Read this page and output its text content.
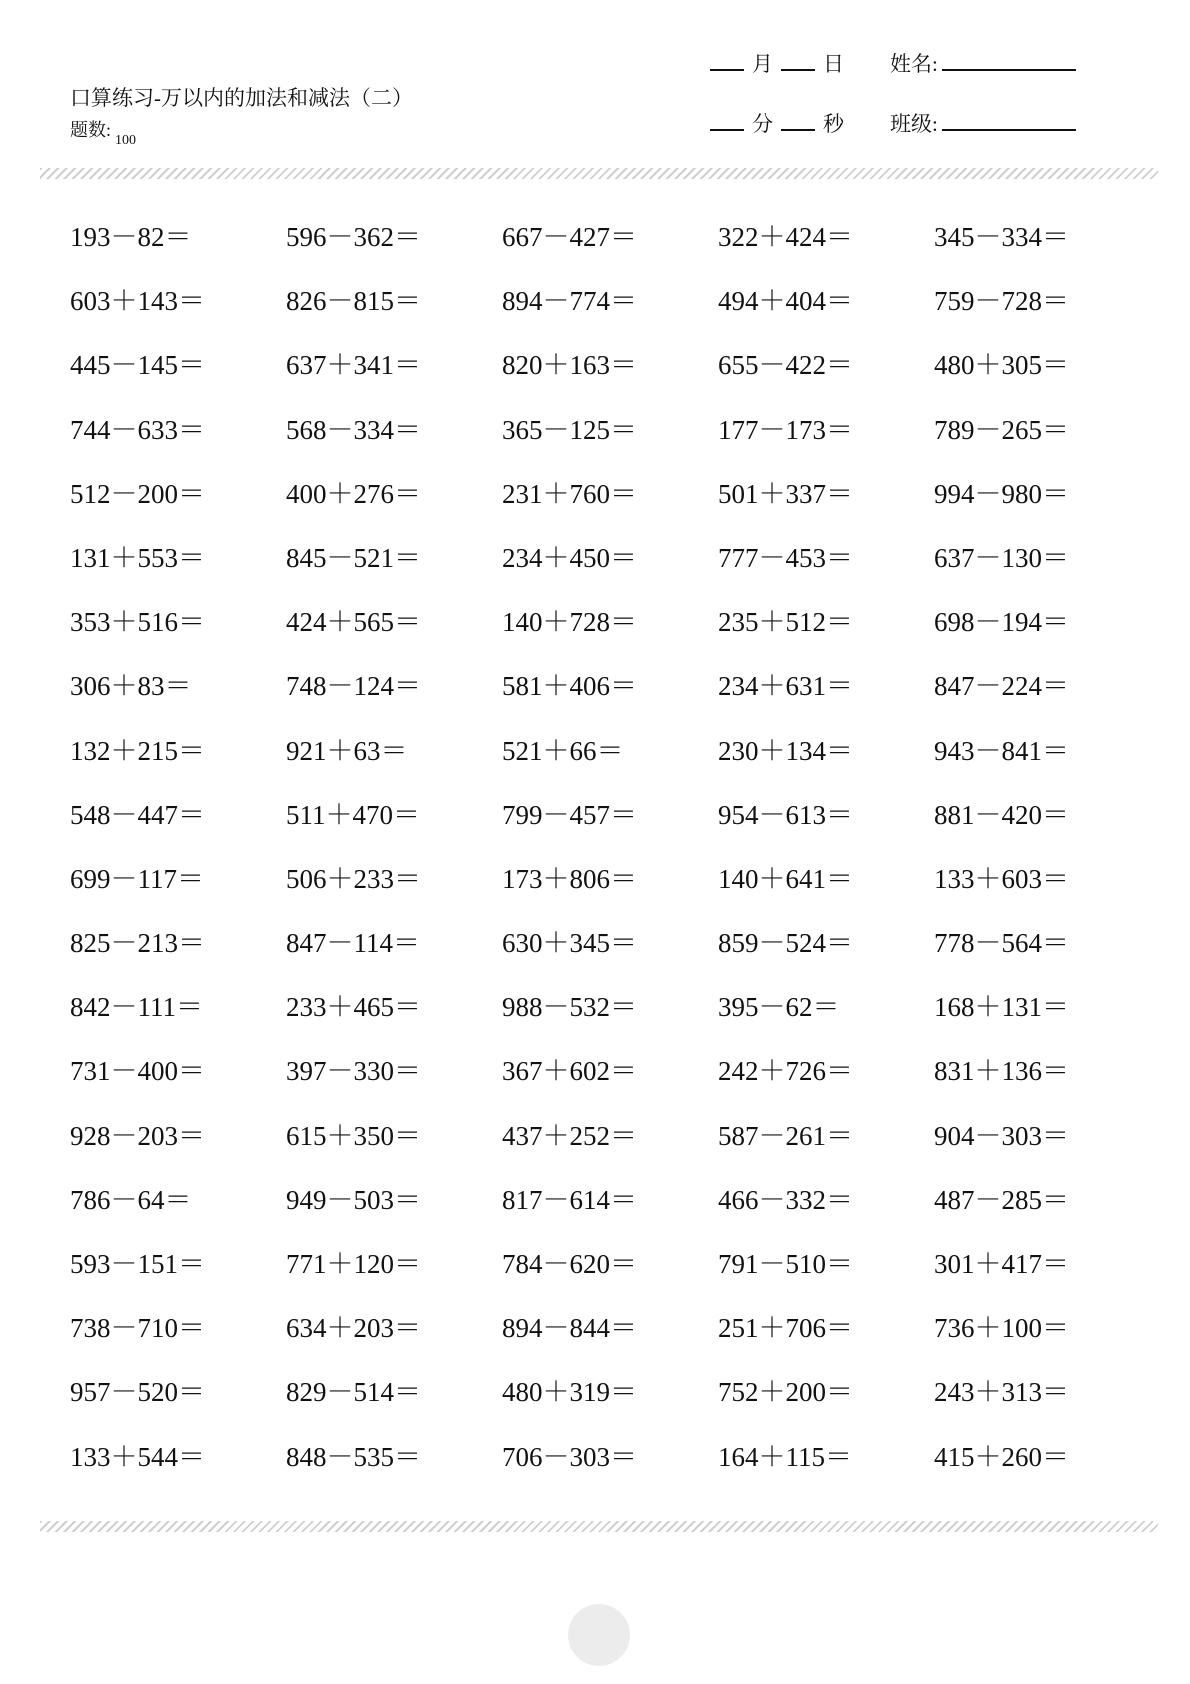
口算练习-万以内的加法和减法（二）
题数$:_{100}$
月 日
分 秒
姓名:
班级:
193－82＝	596－362＝	667－427＝	322＋424＝	345－334＝
603＋143＝	826－815＝	894－774＝	494＋404＝	759－728＝
445－145＝	637＋341＝	820＋163＝	655－422＝	480＋305＝
744－633＝	568－334＝	365－125＝	177－173＝	789－265＝
512－200＝	400＋276＝	231＋760＝	501＋337＝	994－980＝
131＋553＝	845－521＝	234＋450＝	777－453＝	637－130＝
353＋516＝	424＋565＝	140＋728＝	235＋512＝	698－194＝
306＋83＝	748－124＝	581＋406＝	234＋631＝	847－224＝
132＋215＝	921＋63＝	521＋66＝	230＋134＝	943－841＝
548－447＝	511＋470＝	799－457＝	954－613＝	881－420＝
699－117＝	506＋233＝	173＋806＝	140＋641＝	133＋603＝
825－213＝	847－114＝	630＋345＝	859－524＝	778－564＝
842－111＝	233＋465＝	988－532＝	395－62＝	168＋131＝
731－400＝	397－330＝	367＋602＝	242＋726＝	831＋136＝
928－203＝	615＋350＝	437＋252＝	587－261＝	904－303＝
786－64＝	949－503＝	817－614＝	466－332＝	487－285＝
593－151＝	771＋120＝	784－620＝	791－510＝	301＋417＝
738－710＝	634＋203＝	894－844＝	251＋706＝	736＋100＝
957－520＝	829－514＝	480＋319＝	752＋200＝	243＋313＝
133＋544＝	848－535＝	706－303＝	164＋115＝	415＋260＝
